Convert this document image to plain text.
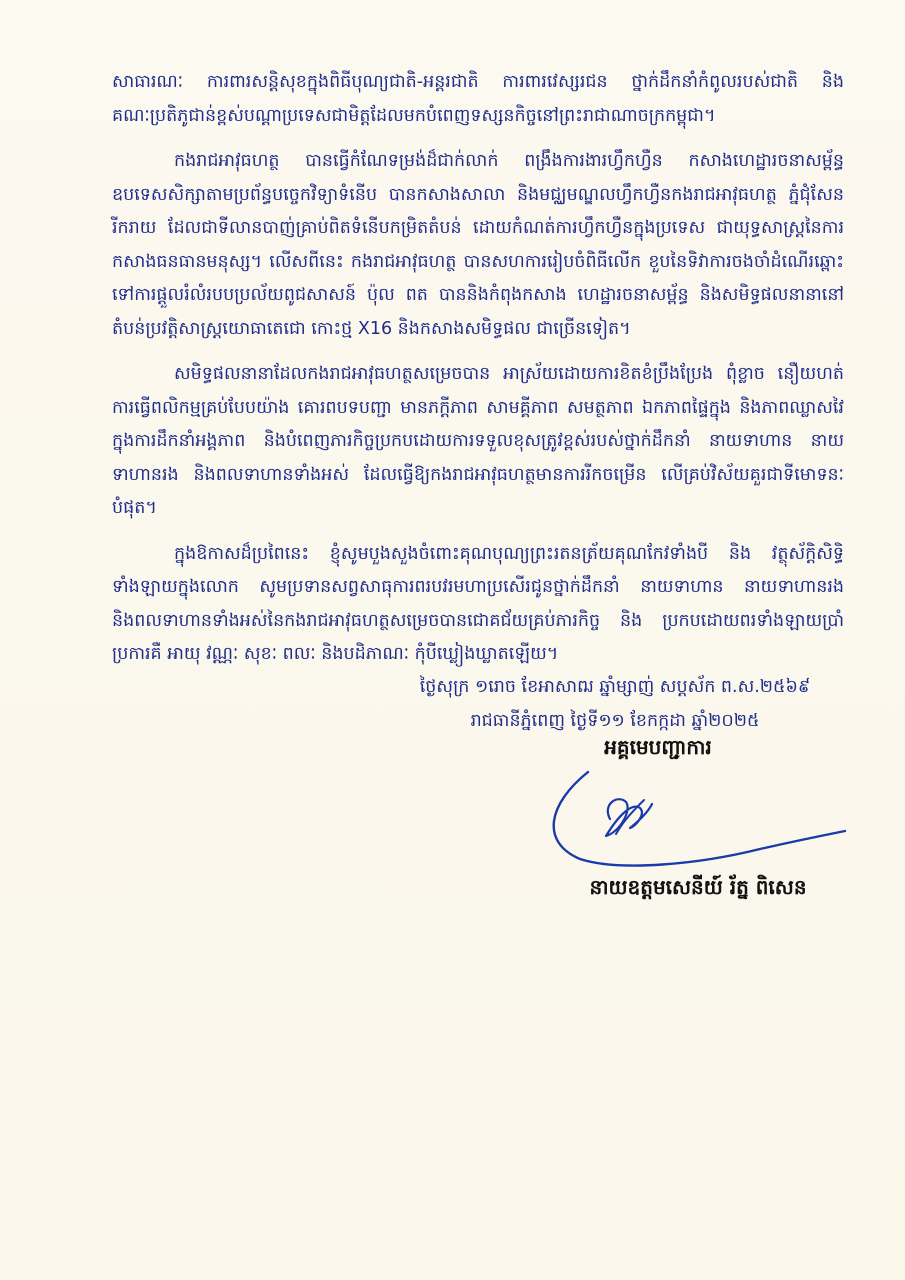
សាធារណៈ ការពារសន្តិសុខក្នុងពិធីបុណ្យជាតិ-អន្តរជាតិ ការពារវេស្សរជន ថ្នាក់ដឹកនាំកំពូលរបស់ជាតិ និងគណៈប្រតិភូជាន់ខ្ពស់បណ្តាប្រទេសជាមិត្តដែលមកបំពេញទស្សនកិច្ចនៅព្រះរាជាណាចក្រកម្ពុជា។

កងរាជអាវុធហត្ថ បានធ្វើកំណែទម្រង់ដ៏ជាក់លាក់ ពង្រឹងការងារហ្វឹកហ្វឺន កសាងហេដ្ឋារចនាសម្ព័ន្ធ ឧបទេសសិក្សាតាមប្រព័ន្ធបច្ចេកវិទ្យាទំនើប បានកសាងសាលា និងមជ្ឈមណ្ឌលហ្វឹកហ្វឺនកងរាជអាវុធហត្ថ ភ្នំជុំសែនរីករាយ ដែលជាទីលានបាញ់គ្រាប់ពិតទំនើបកម្រិតតំបន់ ដោយកំណត់ការហ្វឹកហ្វឺនក្នុងប្រទេស ជាយុទ្ធសាស្ត្រនៃការកសាងធនធានមនុស្ស។ លើសពីនេះ កងរាជអាវុធហត្ថ បានសហការរៀបចំពិធីលើក ខួបនៃទិវាការចងចាំដំណើរឆ្ពោះទៅការផ្តួលរំលំរបបប្រល័យពូជសាសន៍ ប៉ុល ពត បាននិងកំពុងកសាង ហេដ្ឋារចនាសម្ព័ន្ធ និងសមិទ្ធផលនានានៅតំបន់ប្រវត្តិសាស្ត្រយោធាតេជោ កោះថ្ម X16 និងកសាងសមិទ្ធផល ជាច្រើនទៀត។

សមិទ្ធផលនានាដែលកងរាជអាវុធហត្ថសម្រេចបាន អាស្រ័យដោយការខិតខំប្រឹងប្រែង ពុំខ្លាច នឿយហត់ ការធ្វើពលិកម្មគ្រប់បែបយ៉ាង គោរពបទបញ្ជា មានភក្តីភាព សាមគ្គីភាព សមត្ថភាព ឯកភាពផ្ទៃក្នុង និងភាពឈ្លាសវៃក្នុងការដឹកនាំអង្គភាព និងបំពេញភារកិច្ចប្រកបដោយការទទួលខុសត្រូវខ្ពស់របស់ថ្នាក់ដឹកនាំ នាយទាហាន នាយទាហានរង និងពលទាហានទាំងអស់ ដែលធ្វើឱ្យកងរាជអាវុធហត្ថមានការរីកចម្រើន លើគ្រប់វិស័យគួរជាទីមោទនៈបំផុត។

ក្នុងឱកាសដ៏ប្រពៃនេះ ខ្ញុំសូមបួងសួងចំពោះគុណបុណ្យព្រះរតនត្រ័យគុណកែវទាំងបី និង វត្ថុស័ក្តិសិទ្ធិទាំងឡាយក្នុងលោក សូមប្រទានសព្វសាធុការពរបវរមហាប្រសើរជូនថ្នាក់ដឹកនាំ នាយទាហាន នាយទាហានរង និងពលទាហានទាំងអស់នៃកងរាជអាវុធហត្ថសម្រេចបានជោគជ័យគ្រប់ភារកិច្ច និង ប្រកបដោយពរទាំងឡាយប្រាំប្រការគឺ អាយុ វណ្ណៈ សុខៈ ពលៈ និងបដិភាណៈ កុំបីឃ្លៀងឃ្លាតឡើយ។

ថ្ងៃសុក្រ ១រោច ខែអាសាឍ ឆ្នាំម្សាញ់ សប្តស័ក ព.ស.២៥៦៩
រាជធានីភ្នំពេញ ថ្ងៃទី១១ ខែកក្កដា ឆ្នាំ២០២៥
អគ្គមេបញ្ជាការ
នាយឧត្តមសេនីយ៍ រ័ត្ន ពិសេន
